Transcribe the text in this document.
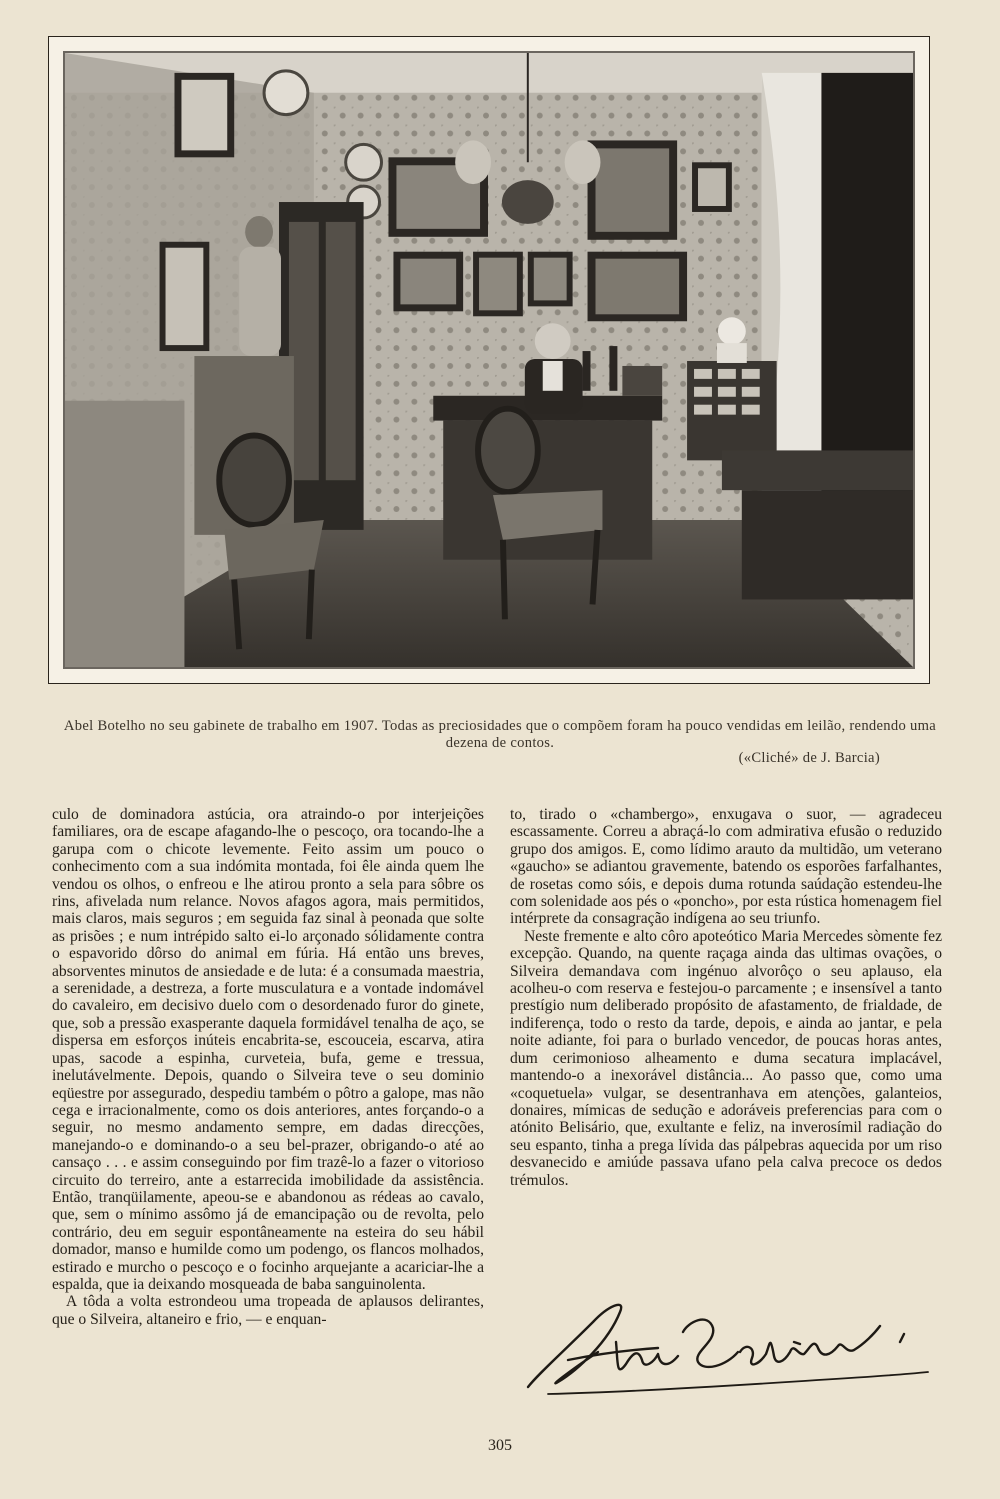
Abel Botelho no seu gabinete de trabalho em 1907. Todas as preciosidades que o compõem foram ha pouco vendidas em leilão, rendendo uma dezena de contos.
(«Cliché» de J. Barcia)

culo de dominadora astúcia, ora atraindo-o por interjeições familiares, ora de escape afagando-lhe o pescoço, ora tocando-lhe a garupa com o chicote levemente. Feito assim um pouco o conhecimento com a sua indómita montada, foi êle ainda quem lhe vendou os olhos, o enfreou e lhe atirou pronto a sela para sôbre os rins, afivelada num relance. Novos afagos agora, mais permitidos, mais claros, mais seguros ; em seguida faz sinal à peonada que solte as prisões ; e num intrépido salto ei-lo arçonado sólidamente contra o espavorido dôrso do animal em fúria. Há então uns breves, absorventes minutos de ansiedade e de luta: é a consumada maestria, a serenidade, a destreza, a forte musculatura e a vontade indomável do cavaleiro, em decisivo duelo com o desordenado furor do ginete, que, sob a pressão exasperante daquela formidável tenalha de aço, se dispersa em esforços inúteis encabrita-se, escouceia, escarva, atira upas, sacode a espinha, curveteia, bufa, geme e tressua, inelutávelmente. Depois, quando o Silveira teve o seu dominio eqüestre por assegurado, despediu também o pôtro a galope, mas não cega e irracionalmente, como os dois anteriores, antes forçando-o a seguir, no mesmo andamento sempre, em dadas direcções, manejando-o e dominando-o a seu bel-prazer, obrigando-o até ao cansaço . . . e assim conseguindo por fim trazê-lo a fazer o vitorioso circuito do terreiro, ante a estarrecida imobilidade da assistência. Então, tranqüilamente, apeou-se e abandonou as rédeas ao cavalo, que, sem o mínimo assômo já de emancipação ou de revolta, pelo contrário, deu em seguir espontâneamente na esteira do seu hábil domador, manso e humilde como um podengo, os flancos molhados, estirado e murcho o pescoço e o focinho arquejante a acariciar-lhe a espalda, que ia deixando mosqueada de baba sanguinolenta.

A tôda a volta estrondeou uma tropeada de aplausos delirantes, que o Silveira, altaneiro e frio, — e enquan-

to, tirado o «chambergo», enxugava o suor, — agradeceu escassamente. Correu a abraçá-lo com admirativa efusão o reduzido grupo dos amigos. E, como lídimo arauto da multidão, um veterano «gaucho» se adiantou gravemente, batendo os esporões farfalhantes, de rosetas como sóis, e depois duma rotunda saúdação estendeu-lhe com solenidade aos pés o «poncho», por esta rústica homenagem fiel intérprete da consagração indígena ao seu triunfo.

Neste fremente e alto côro apoteótico Maria Mercedes sòmente fez excepção. Quando, na quente raçaga ainda das ultimas ovações, o Silveira demandava com ingénuo alvorôço o seu aplauso, ela acolheu-o com reserva e festejou-o parcamente ; e insensível a tanto prestígio num deliberado propósito de afastamento, de frialdade, de indiferença, todo o resto da tarde, depois, e ainda ao jantar, e pela noite adiante, foi para o burlado vencedor, de poucas horas antes, dum cerimonioso alheamento e duma secatura implacável, mantendo-o a inexorável distância... Ao passo que, como uma «coquetuela» vulgar, se desentranhava em atenções, galanteios, donaires, mímicas de sedução e adoráveis preferencias para com o atónito Belisário, que, exultante e feliz, na inverosímil radiação do seu espanto, tinha a prega lívida das pálpebras aquecida por um riso desvanecido e amiúde passava ufano pela calva precoce os dedos trémulos.

305
